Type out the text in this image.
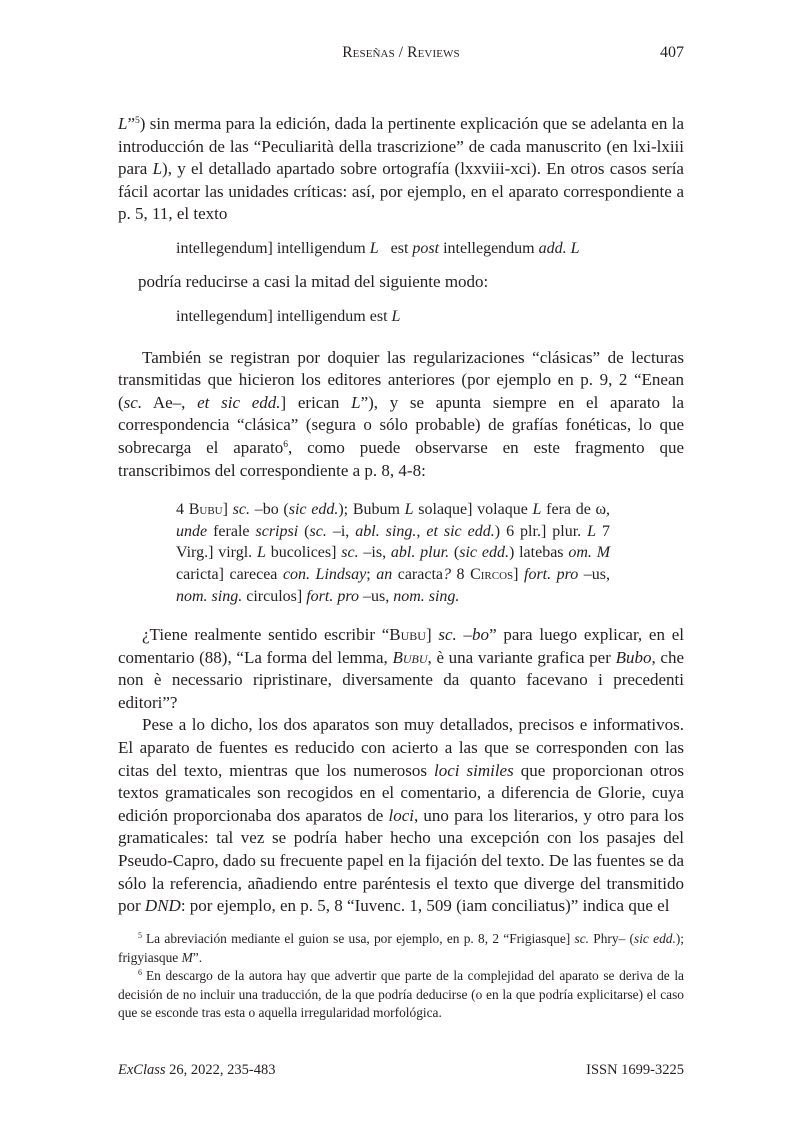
Reseñas / Reviews	407

L”$^5$) sin merma para la edición, dada la pertinente explicación que se adelanta en la introducción de las “Peculiarità della trascrizione” de cada manuscrito (en lxi-lxiii para L), y el detallado apartado sobre ortografía (lxxviii-xci). En otros casos sería fácil acortar las unidades críticas: así, por ejemplo, en el aparato correspondiente a p. 5, 11, el texto

intellegendum] intelligendum L   est post intellegendum add. L

podría reducirse a casi la mitad del siguiente modo:

intellegendum] intelligendum est L

También se registran por doquier las regularizaciones “clásicas” de lecturas transmitidas que hicieron los editores anteriores (por ejemplo en p. 9, 2 “Enean (sc. Ae–, et sic edd.] erican L”), y se apunta siempre en el aparato la correspondencia “clásica” (segura o sólo probable) de grafías fonéticas, lo que sobrecarga el aparato$^6$, como puede observarse en este fragmento que transcribimos del correspondiente a p. 8, 4-8:

4 Bubu] sc. –bo (sic edd.); Bubum L solaque] volaque L fera de ω, unde ferale scripsi (sc. –i, abl. sing., et sic edd.) 6 plr.] plur. L 7 Virg.] virgl. L bucolices] sc. –is, abl. plur. (sic edd.) latebas om. M caricta] carecea con. Lindsay; an caracta? 8 Circos] fort. pro –us, nom. sing. circulos] fort. pro –us, nom. sing.

¿Tiene realmente sentido escribir “Bubu] sc. –bo” para luego explicar, en el comentario (88), “La forma del lemma, Bubu, è una variante grafica per Bubo, che non è necessario ripristinare, diversamente da quanto facevano i precedenti editori”?

Pese a lo dicho, los dos aparatos son muy detallados, precisos e informativos. El aparato de fuentes es reducido con acierto a las que se corresponden con las citas del texto, mientras que los numerosos loci similes que proporcionan otros textos gramaticales son recogidos en el comentario, a diferencia de Glorie, cuya edición proporcionaba dos aparatos de loci, uno para los literarios, y otro para los gramaticales: tal vez se podría haber hecho una excepción con los pasajes del Pseudo-Capro, dado su frecuente papel en la fijación del texto. De las fuentes se da sólo la referencia, añadiendo entre paréntesis el texto que diverge del transmitido por DND: por ejemplo, en p. 5, 8 “Iuvenc. 1, 509 (iam conciliatus)” indica que el

$^5$ La abreviación mediante el guion se usa, por ejemplo, en p. 8, 2 “Frigiasque] sc. Phry– (sic edd.); frigyiasque M”.

$^6$ En descargo de la autora hay que advertir que parte de la complejidad del aparato se deriva de la decisión de no incluir una traducción, de la que podría deducirse (o en la que podría explicitarse) el caso que se esconde tras esta o aquella irregularidad morfológica.

ExClass 26, 2022, 235-483	ISSN 1699-3225
